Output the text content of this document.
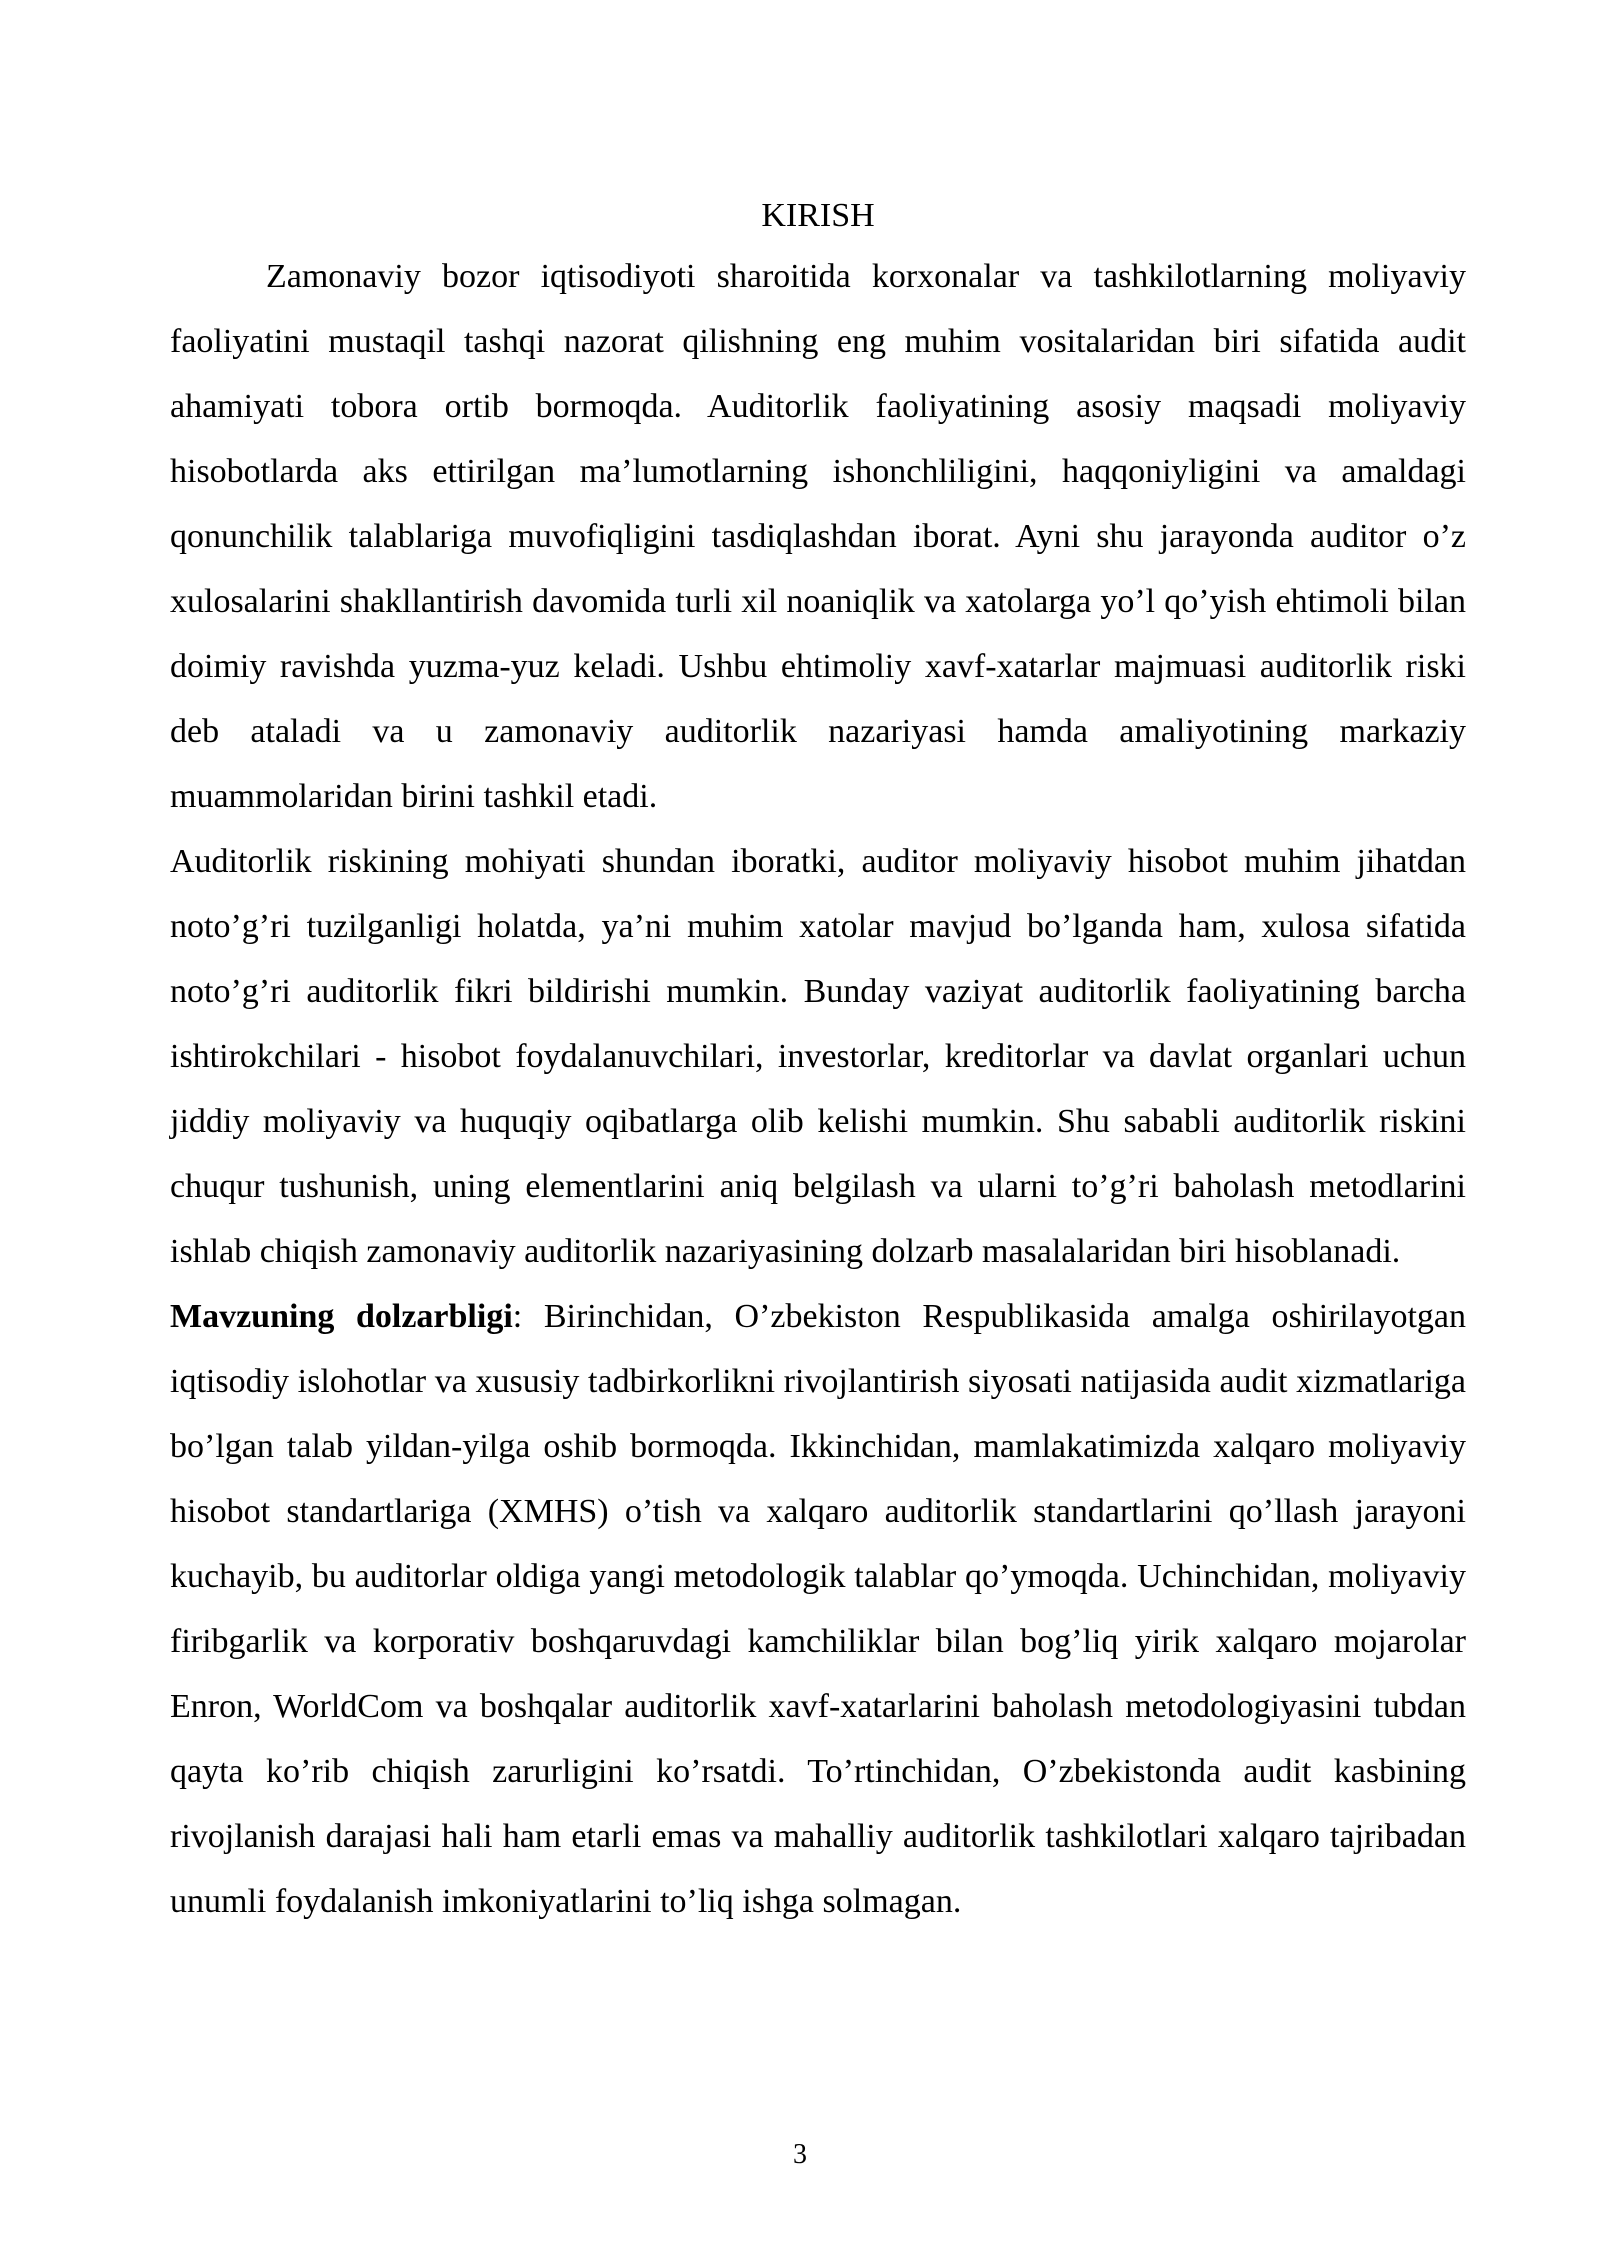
KIRISH

Zamonaviy bozor iqtisodiyoti sharoitida korxonalar va tashkilotlarning moliyaviy faoliyatini mustaqil tashqi nazorat qilishning eng muhim vositalaridan biri sifatida audit ahamiyati tobora ortib bormoqda. Auditorlik faoliyatining asosiy maqsadi moliyaviy hisobotlarda aks ettirilgan ma’lumotlarning ishonchliligini, haqqoniyligini va amaldagi qonunchilik talablariga muvofiqligini tasdiqlashdan iborat. Ayni shu jarayonda auditor o’z xulosalarini shakllantirish davomida turli xil noaniqlik va xatolarga yo’l qo’yish ehtimoli bilan doimiy ravishda yuzma-yuz keladi. Ushbu ehtimoliy xavf-xatarlar majmuasi auditorlik riski deb ataladi va u zamonaviy auditorlik nazariyasi hamda amaliyotining markaziy muammolaridan birini tashkil etadi.

Auditorlik riskining mohiyati shundan iboratki, auditor moliyaviy hisobot muhim jihatdan noto’g’ri tuzilganligi holatda, ya’ni muhim xatolar mavjud bo’lganda ham, xulosa sifatida noto’g’ri auditorlik fikri bildirishi mumkin. Bunday vaziyat auditorlik faoliyatining barcha ishtirokchilari - hisobot foydalanuvchilari, investorlar, kreditorlar va davlat organlari uchun jiddiy moliyaviy va huquqiy oqibatlarga olib kelishi mumkin. Shu sababli auditorlik riskini chuqur tushunish, uning elementlarini aniq belgilash va ularni to’g’ri baholash metodlarini ishlab chiqish zamonaviy auditorlik nazariyasining dolzarb masalalaridan biri hisoblanadi.

Mavzuning dolzarbligi: Birinchidan, O’zbekiston Respublikasida amalga oshirilayotgan iqtisodiy islohotlar va xususiy tadbirkorlikni rivojlantirish siyosati natijasida audit xizmatlariga bo’lgan talab yildan-yilga oshib bormoqda. Ikkinchidan, mamlakatimizda xalqaro moliyaviy hisobot standartlariga (XMHS) o’tish va xalqaro auditorlik standartlarini qo’llash jarayoni kuchayib, bu auditorlar oldiga yangi metodologik talablar qo’ymoqda. Uchinchidan, moliyaviy firibgarlik va korporativ boshqaruvdagi kamchiliklar bilan bog’liq yirik xalqaro mojarolar Enron, WorldCom va boshqalar auditorlik xavf-xatarlarini baholash metodologiyasini tubdan qayta ko’rib chiqish zarurligini ko’rsatdi. To’rtinchidan, O’zbekistonda audit kasbining rivojlanish darajasi hali ham etarli emas va mahalliy auditorlik tashkilotlari xalqaro tajribadan unumli foydalanish imkoniyatlarini to’liq ishga solmagan.

3
